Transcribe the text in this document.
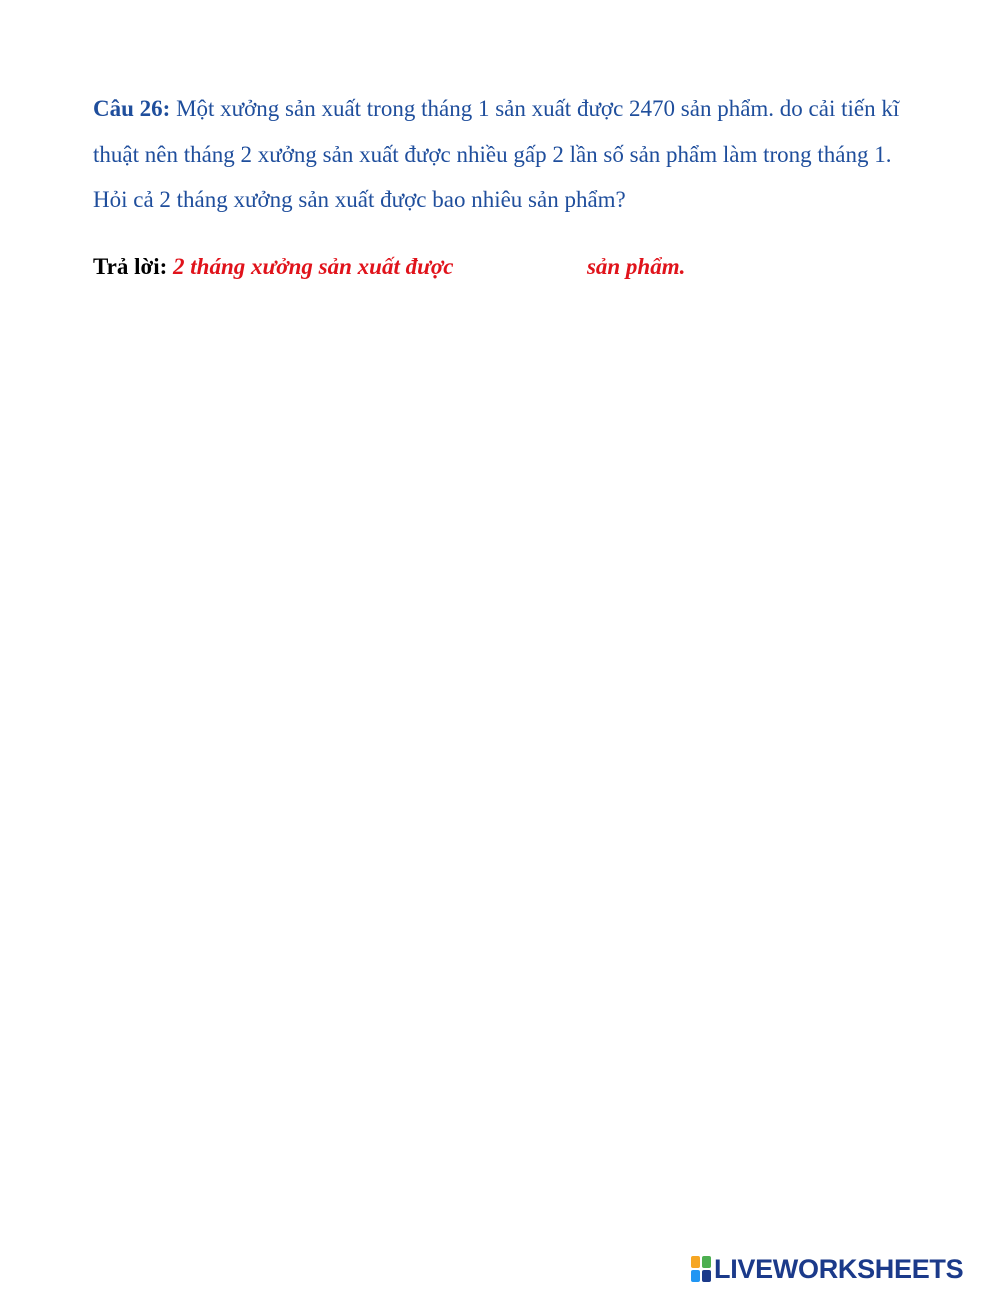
Câu 26: Một xưởng sản xuất trong tháng 1 sản xuất được 2470 sản phẩm. do cải tiến kĩ thuật nên tháng 2 xưởng sản xuất được nhiều gấp 2 lần số sản phẩm làm trong tháng 1. Hỏi cả 2 tháng xưởng sản xuất được bao nhiêu sản phẩm?

Trả lời: 2 tháng xưởng sản xuất được	sản phẩm.

LIVEWORKSHEETS
